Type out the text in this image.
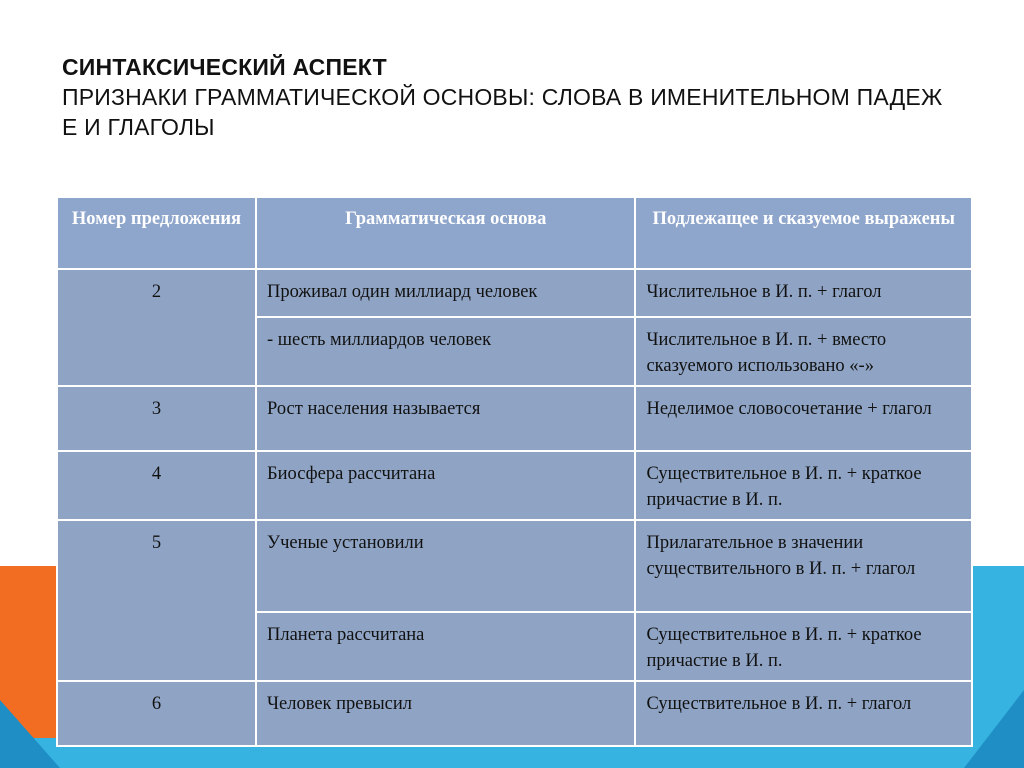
СИНТАКСИЧЕСКИЙ АСПЕКТ
ПРИЗНАКИ ГРАММАТИЧЕСКОЙ ОСНОВЫ: СЛОВА В ИМЕНИТЕЛЬНОМ ПАДЕЖ Е И ГЛАГОЛЫ
Номер предложения	Грамматическая основа	Подлежащее и сказуемое выражены
2	Проживал один миллиард человек	Числительное в И. п. + глагол
	- шесть миллиардов человек	Числительное в И. п. + вместо сказуемого использовано «-»
3	Рост населения называется	Неделимое словосочетание + глагол
4	Биосфера рассчитана	Существительное в И. п. + краткое причастие в И. п.
5	Ученые установили	Прилагательное в значении существительного в И. п. + глагол
	Планета рассчитана	Существительное в И. п. + краткое причастие в И. п.
6	Человек превысил	Существительное в И. п. + глагол
